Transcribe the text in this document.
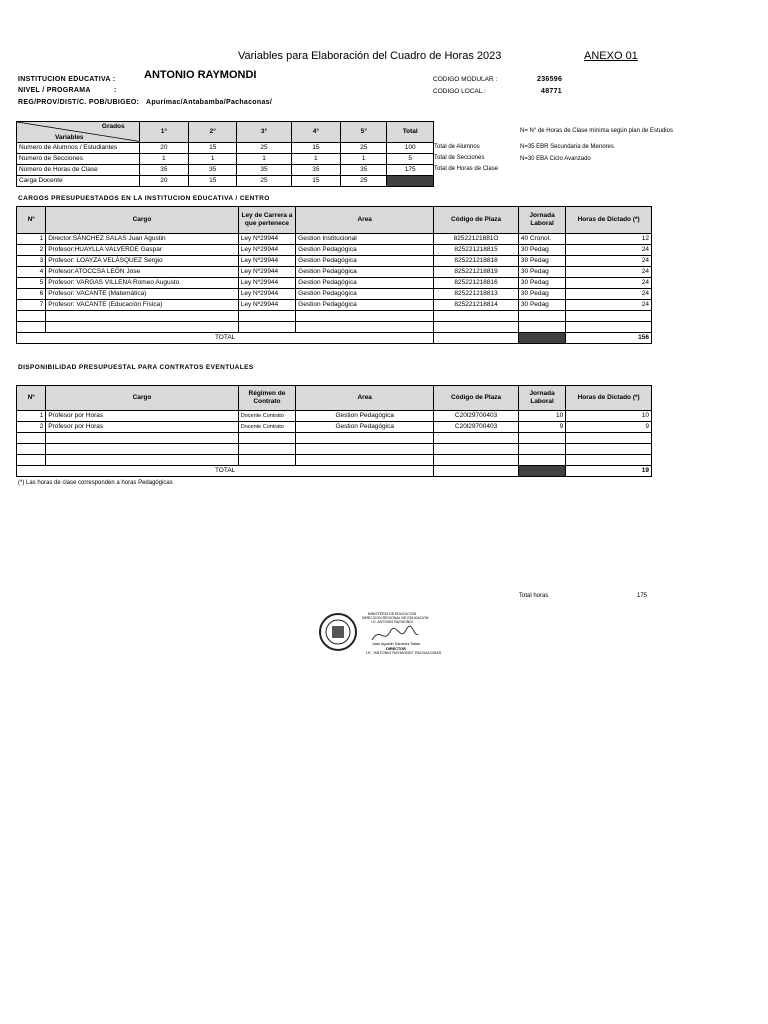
Variables para Elaboración del Cuadro de Horas 2023	ANEXO 01
INSTITUCION EDUCATIVA :	ANTONIO RAYMONDI
NIVEL / PROGRAMA	:
REG/PROV/DIST/C. POB/UBIGEO: Apurímac/Antabamba/Pachaconas/
CODIGO MODULAR :	236596
CODIGO LOCAL :	48771
Grados
Variables	1°	2°	3°	4°	5°	Total
Numero de Alumnos / Estudiantes	20	15	25	15	25	100
Numero de Secciones	1	1	1	1	1	5
Número de Horas de Clase	35	35	35	35	35	175
Carga Docente	20	15	25	15	25	
Total de Alumnos
Total de Secciones
Total de Horas de Clase
N= N° de Horas de Clase mínima según plan de Estudios
N=35 EBR Secundaria de Menores
N=30 EBA Ciclo Avanzado
CARGOS PRESUPUESTADOS EN LA INSTITUCION EDUCATIVA / CENTRO
Nº	Cargo	Ley de Carrera a que pertenece	Area	Código de Plaza	Jornada Laboral	Horas de Dictado (*)
1	Director:SÁNCHEZ SALAS Juan Agustin	Ley Nº29944	Gestion Institucional	82522121881O	40 Cronol.	12
2	Profesor:HUAYLLA VALVERDE Gaspar	Ley Nº29944	Gestion Pedagógica	825221218815	30 Pedag	24
3	Profesor: LOAYZA VELÁSQUEZ Sergio	Ley Nº29944	Gestion Pedagógica	825221218818	30 Pedag	24
4	Profesor:ATOCCSA LEÓN Jose	Ley Nº29944	Gestion Pedagógica	825221218819	30 Pedag	24
5	Profesor: VARGAS VILLENA Romeo Augusto	Ley Nº29944	Gestion Pedagógica	825221218816	30 Pedag	24
6	Profesor: VACANTE (Matemática)	Ley Nº29944	Gestion Pedagógica	825221218813	30 Pedag	24
7	Profesor: VACANTE (Educación Física)	Ley Nº29944	Gestion Pedagógica	825221218814	30 Pedag	24

TOTAL						156
DISPONIBILIDAD PRESUPUESTAL PARA CONTRATOS EVENTUALES
Nº	Cargo	Régimen de Contrato	Area	Código de Plaza	Jornada Laboral	Horas de Dictado (*)
1	Profesor por Horas	Docente Contrato	Gestion Pedagógica	C20l29700403	10	10
2	Profesor por Horas	Docente Contrato	Gestion Pedagógica	C20l29700403	9	9

TOTAL						19
(*) Las horas de clase corresponden a horas Pedagógicas
Total horas	175
MINISTERIO DE EDUCACION
DIRECCION REGIONAL DE EDUCACION
I.E. ANTONIO RAYMONDI
Juan Agustin Sánchez Salas
DIRECTOR
I.E. "ANTONIO RAYMONDI" PACHACONAS
